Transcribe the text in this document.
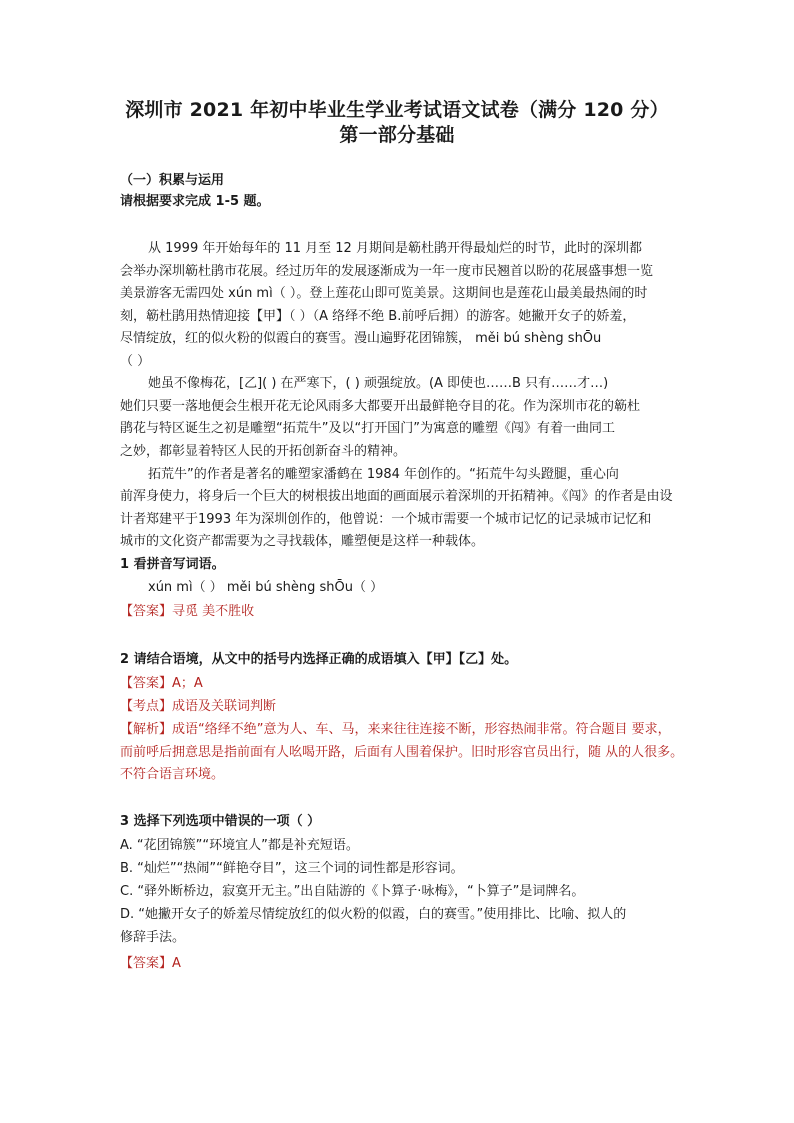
深圳市 2021 年初中毕业生学业考试语文试卷（满分 120 分）
第一部分基础
（一）积累与运用
请根据要求完成 1-5 题。
从 1999 年开始每年的 11 月至 12 月期间是簕杜鹃开得最灿烂的时节，此时的深圳都
会举办深圳簕杜鹃市花展。经过历年的发展逐渐成为一年一度市民翘首以盼的花展盛事想一览
美景游客无需四处 xún mì（ ）。登上莲花山即可览美景。这期间也是莲花山最美最热闹的时
刻，簕杜鹃用热情迎接【甲】（ ）（A 络绎不绝 B.前呼后拥）的游客。她撇开女子的娇羞，
尽情绽放，红的似火粉的似霞白的赛雪。漫山遍野花团锦簇， měi bú shèng shŌu
（ ）
她虽不像梅花，[乙]( ) 在严寒下，( ) 顽强绽放。(A 即使也……B 只有……才…)
她们只要一落地便会生根开花无论风雨多大都要开出最鲜艳夺目的花。作为深圳市花的簕杜
鹃花与特区诞生之初是雕塑“拓荒牛”及以“打开国门”为寓意的雕塑《闯》有着一曲同工
之妙，都彰显着特区人民的开拓创新奋斗的精神。
拓荒牛”的作者是著名的雕塑家潘鹤在 1984 年创作的。“拓荒牛勾头蹬腿，重心向
前浑身使力，将身后一个巨大的树根拔出地面的画面展示着深圳的开拓精神。《闯》的作者是由设
计者郑建平于1993 年为深圳创作的，他曾说：一个城市需要一个城市记忆的记录城市记忆和
城市的文化资产都需要为之寻找载体，雕塑便是这样一种载体。
1 看拼音写词语。
xún mì（ ） měi bú shèng shŌu（ ）
【答案】寻觅 美不胜收
2 请结合语境，从文中的括号内选择正确的成语填入【甲】【乙】处。
【答案】A；A
【考点】成语及关联词判断
【解析】成语“络绎不绝”意为人、车、马，来来往往连接不断，形容热闹非常。符合题目 要求，
而前呼后拥意思是指前面有人吆喝开路，后面有人围着保护。旧时形容官员出行，随 从的人很多。
不符合语言环境。
3 选择下列选项中错误的一项（ ）
A. “花团锦簇”“环境宜人”都是补充短语。
B. “灿烂”“热闹”“鲜艳夺目”，这三个词的词性都是形容词。
C. “驿外断桥边，寂寞开无主。”出自陆游的《卜算子·咏梅》，“卜算子”是词牌名。
D. “她撇开女子的娇羞尽情绽放红的似火粉的似霞，白的赛雪。”使用排比、比喻、拟人的
修辞手法。
【答案】A
